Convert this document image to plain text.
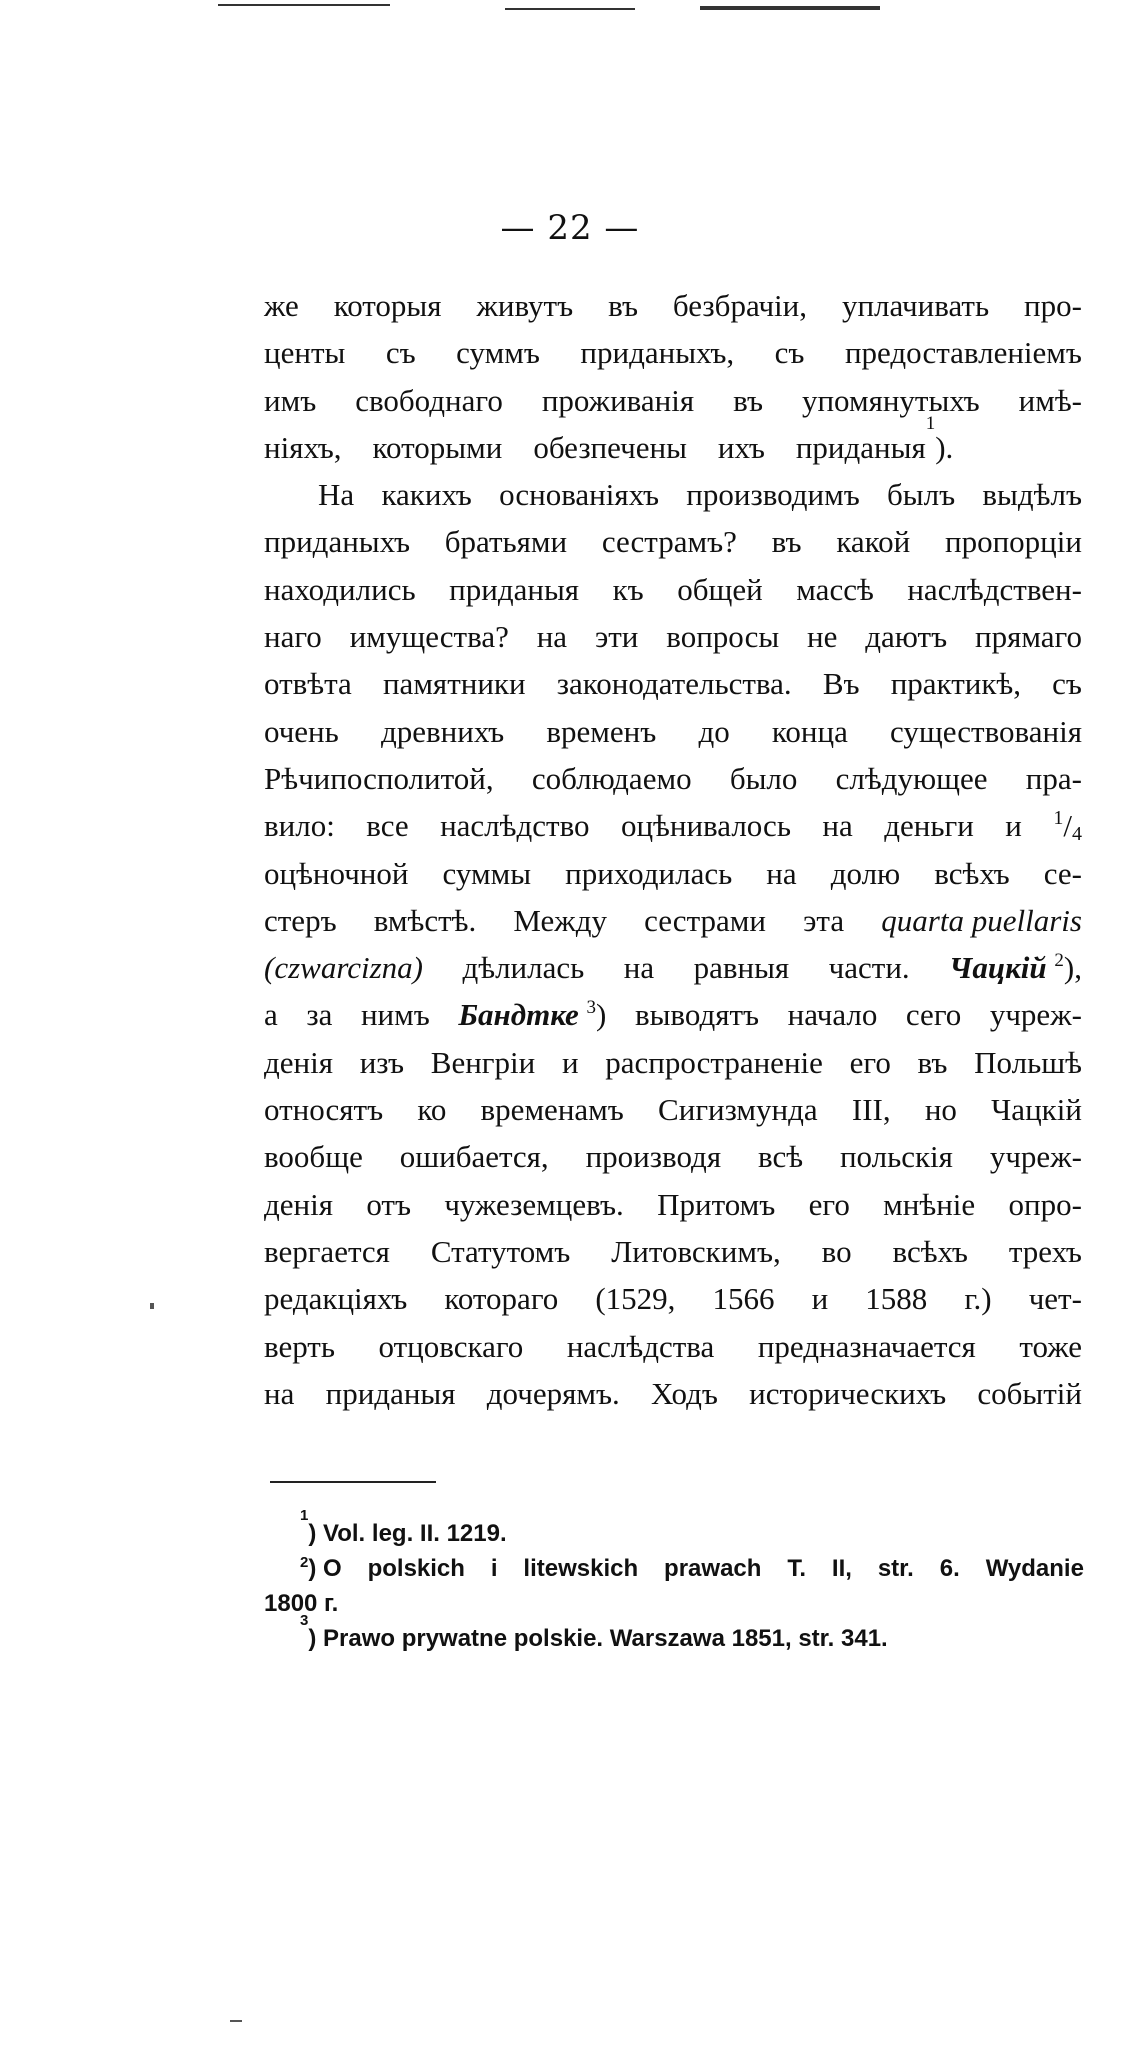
— 22 —
же которыя живутъ въ безбрачіи, уплачивать про-
центы съ суммъ приданыхъ, съ предоставленіемъ
имъ свободнаго проживанія въ упомянутыхъ имѣ-
ніяхъ, которыми обезпечены ихъ приданыя
1
).
На какихъ основаніяхъ производимъ былъ выдѣлъ
приданыхъ братьями сестрамъ? въ какой пропорціи
находились приданыя къ общей массѣ наслѣдствен-
наго имущества? на эти вопросы не даютъ прямаго
отвѣта памятники законодательства. Въ практикѣ, съ
очень древнихъ временъ до конца существованія
Рѣчипосполитой, соблюдаемо было слѣдующее пра-
вило: все наслѣдство оцѣнивалось на деньги и $^1/_4$
оцѣночной суммы приходилась на долю всѣхъ се-
стеръ вмѣстѣ. Между сестрами эта quarta puellaris
(czwarcizna) дѣлилась на равныя части. Чацкій $^2$),
а за нимъ Бандтке $^3$) выводятъ начало сего учреж-
денія изъ Венгріи и распространеніе его въ Польшѣ
относятъ ко временамъ Сигизмунда III, но Чацкій
вообще ошибается, производя всѣ польскія учреж-
денія отъ чужеземцевъ. Притомъ его мнѣніе опро-
вергается Статутомъ Литовскимъ, во всѣхъ трехъ
редакціяхъ котораго (1529, 1566 и 1588 г.) чет-
верть отцовскаго наслѣдства предназначается тоже
на приданыя дочерямъ. Ходъ историческихъ событій
1
) Vol. leg. II. 1219.
$^2$) O polskich i litewskich prawach T. II, str. 6. Wydanie
1800 г.
3
) Prawo prywatne polskie. Warszawa 1851, str. 341.
